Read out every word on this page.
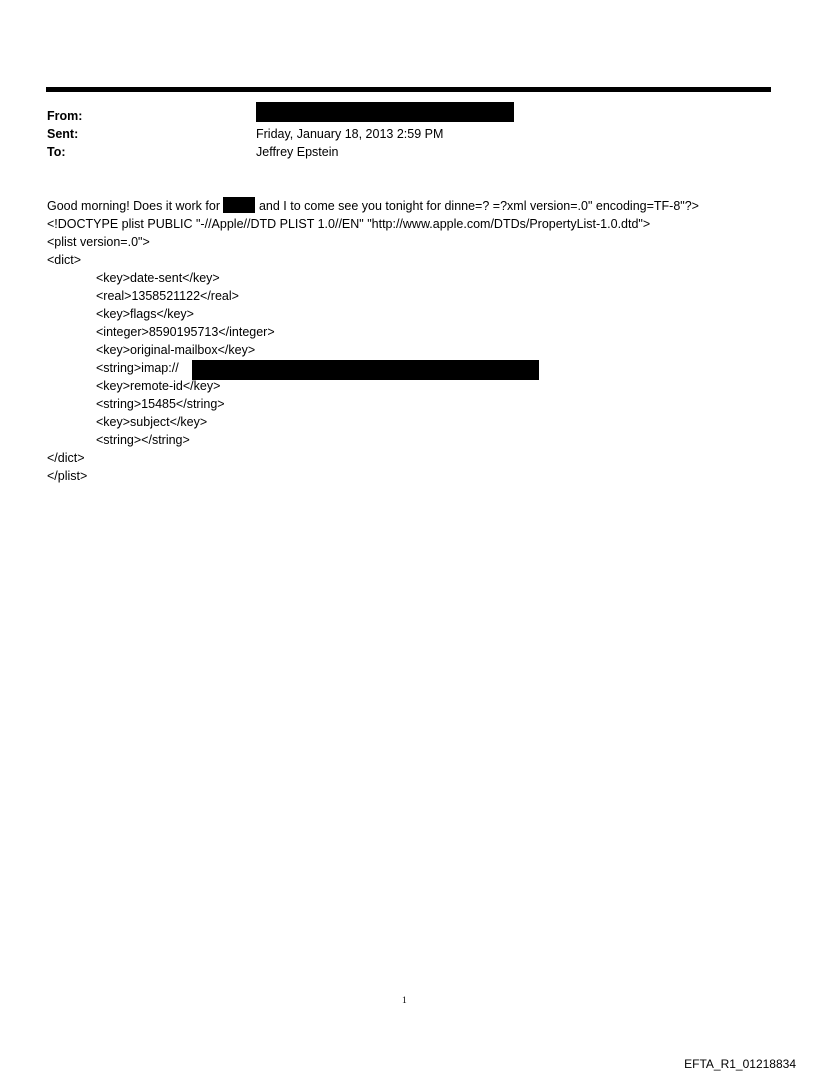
From:
Sent:	Friday, January 18, 2013 2:59 PM
To:	Jeffrey Epstein
Good morning! Does it work for	and I to come see you tonight for dinne=? =?xml version=.0" encoding=TF-8"?>
<!DOCTYPE plist PUBLIC "-//Apple//DTD PLIST 1.0//EN" "http://www.apple.com/DTDs/PropertyList-1.0.dtd">
<plist version=.0">
<dict>
<key>date-sent</key>
<real>1358521122</real>
<key>flags</key>
<integer>8590195713</integer>
<key>original-mailbox</key>
<string>imap://
<key>remote-id</key>
<string>15485</string>
<key>subject</key>
<string></string>
</dict>
</plist>
1
EFTA_R1_01218834
